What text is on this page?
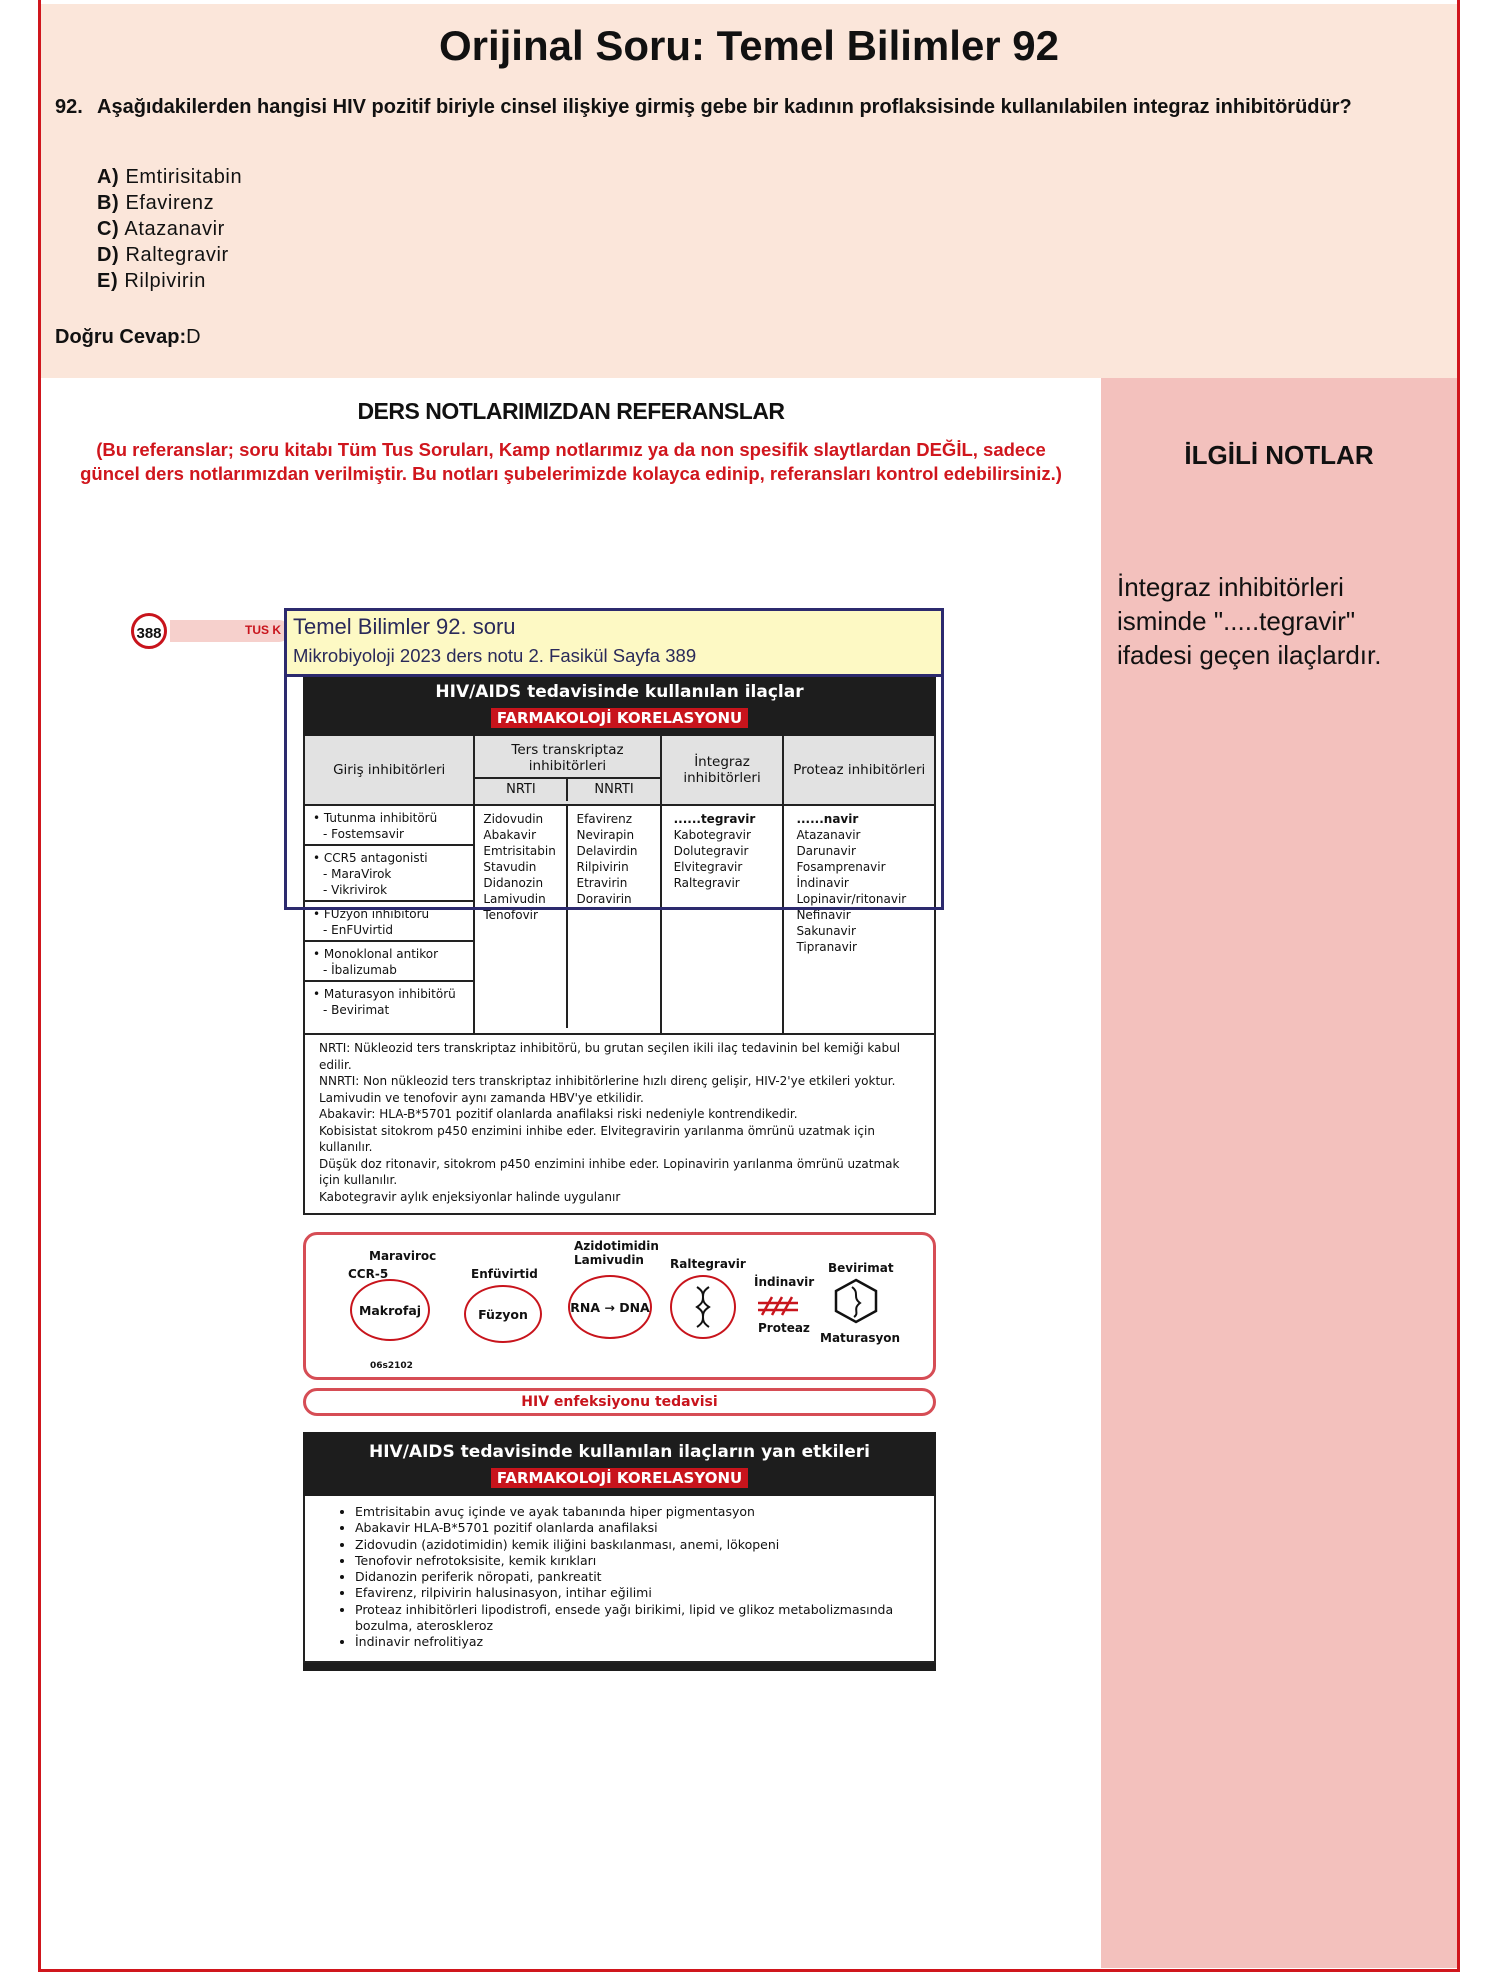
Orijinal Soru: Temel Bilimler 92
92. Aşağıdakilerden hangisi HIV pozitif biriyle cinsel ilişkiye girmiş gebe bir kadının proflaksisinde kullanılabilen integraz inhibitörüdür?
A) Emtirisitabin
B) Efavirenz
C) Atazanavir
D) Raltegravir
E) Rilpivirin
Doğru Cevap:D
DERS NOTLARIMIZDAN REFERANSLAR
(Bu referanslar; soru kitabı Tüm Tus Soruları, Kamp notlarımız ya da non spesifik slaytlardan DEĞİL, sadece güncel ders notlarımızdan verilmiştir. Bu notları şubelerimizde kolayca edinip, referansları kontrol edebilirsiniz.)
İLGİLİ NOTLAR
İntegraz inhibitörleri isminde ".....tegravir" ifadesi geçen ilaçlardır.
TUS K
388
HIV/AIDS tedavisinde kullanılan ilaçlar
FARMAKOLOJİ KORELASYONU
Giriş inhibitörleri
• Tutunma inhibitörü
- Fostemsavir
• CCR5 antagonisti
- MaraVirok
- Vikrivirok
• FUzyon inhibitörü
- EnFUvirtid
• Monoklonal antikor
- İbalizumab
• Maturasyon inhibitörü
- Bevirimat
Ters transkriptaz inhibitörleri
NRTI	NNRTI
Zidovudin
Abakavir
Emtrisitabin
Stavudin
Didanozin
Lamivudin
Tenofovir
Efavirenz
Nevirapin
Delavirdin
Rilpivirin
Etravirin
Doravirin
İntegraz inhibitörleri
......tegravir
Kabotegravir
Dolutegravir
Elvitegravir
Raltegravir
Proteaz inhibitörleri
......navir
Atazanavir
Darunavir
Fosamprenavir
İndinavir
Lopinavir/ritonavir
Nefinavir
Sakunavir
Tipranavir
NRTI: Nükleozid ters transkriptaz inhibitörü, bu grutan seçilen ikili ilaç tedavinin bel kemiği kabul edilir.
NNRTI: Non nükleozid ters transkriptaz inhibitörlerine hızlı direnç gelişir, HIV-2'ye etkileri yoktur.
Lamivudin ve tenofovir aynı zamanda HBV'ye etkilidir.
Abakavir: HLA-B*5701 pozitif olanlarda anafilaksi riski nedeniyle kontrendikedir.
Kobisistat sitokrom p450 enzimini inhibe eder. Elvitegravirin yarılanma ömrünü uzatmak için kullanılır.
Düşük doz ritonavir, sitokrom p450 enzimini inhibe eder. Lopinavirin yarılanma ömrünü uzatmak için kullanılır.
Kabotegravir aylık enjeksiyonlar halinde uygulanır
Temel Bilimler 92. soru
Mikrobiyoloji 2023 ders notu 2. Fasikül Sayfa 389
Maraviroc
CCR-5
Makrofaj
Enfüvirtid
Füzyon
Azidotimidin
Lamivudin
RNA → DNA
Raltegravir
İndinavir
Proteaz
Bevirimat
Maturasyon
06s2102
HIV enfeksiyonu tedavisi
HIV/AIDS tedavisinde kullanılan ilaçların yan etkileri
FARMAKOLOJİ KORELASYONU
• Emtrisitabin avuç içinde ve ayak tabanında hiper pigmentasyon
• Abakavir HLA-B*5701 pozitif olanlarda anafilaksi
• Zidovudin (azidotimidin) kemik iliğini baskılanması, anemi, lökopeni
• Tenofovir nefrotoksisite, kemik kırıkları
• Didanozin periferik nöropati, pankreatit
• Efavirenz, rilpivirin halusinasyon, intihar eğilimi
• Proteaz inhibitörleri lipodistrofi, ensede yağı birikimi, lipid ve glikoz metabolizmasında bozulma, ateroskleroz
• İndinavir nefrolitiyaz
